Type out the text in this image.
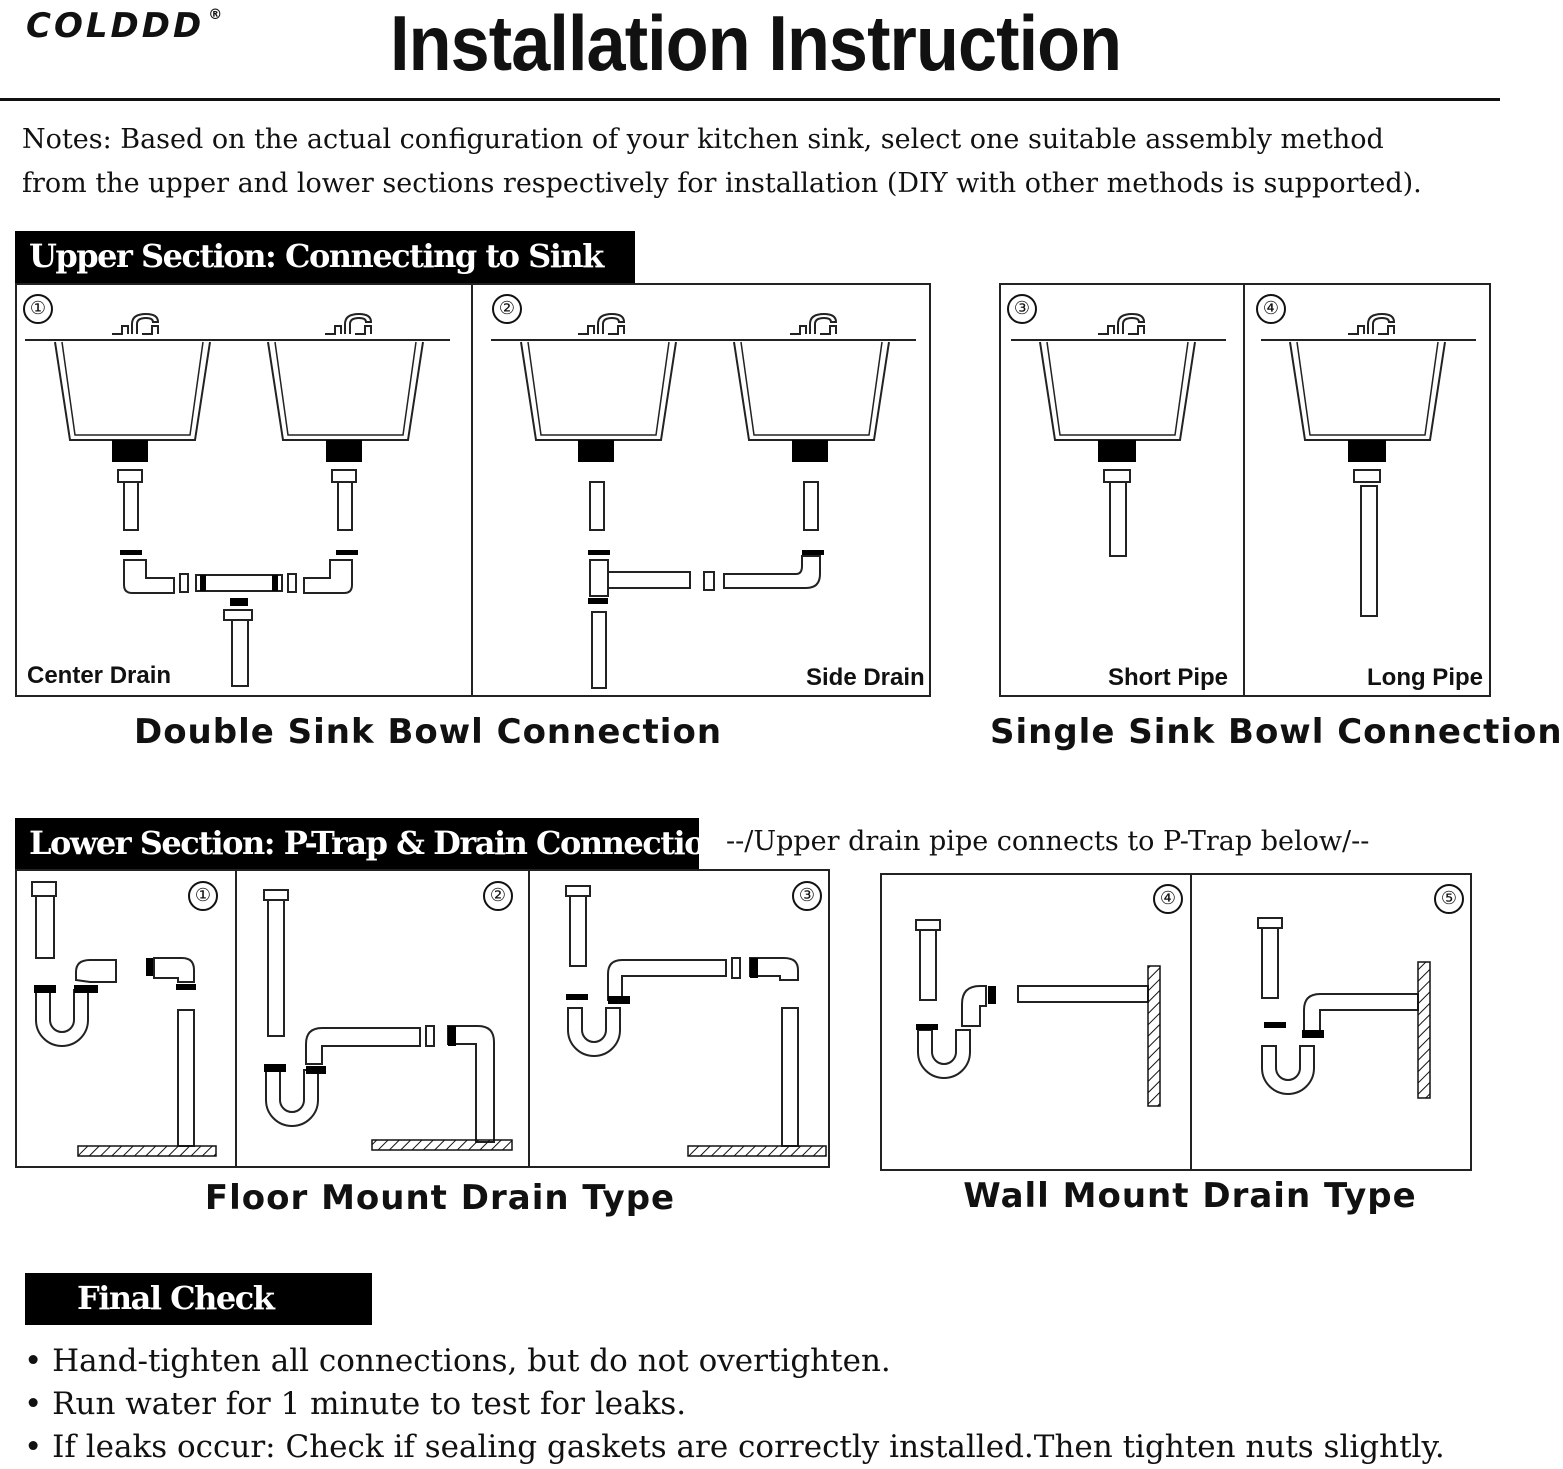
COLDDD ® Installation Instruction
Notes: Based on the actual configuration of your kitchen sink, select one suitable assembly method
from the upper and lower sections respectively for installation (DIY with other methods is supported).
Upper Section: Connecting to Sink
Lower Section: P-Trap & Drain Connection --/Upper drain pipe connects to P-Trap below/--
①	②	③	④
Center Drain	Side Drain	Short Pipe	Long Pipe
Double Sink Bowl Connection	Single Sink Bowl Connection
①	②	③	④	⑤
Floor Mount Drain Type	Wall Mount Drain Type
Final Check
• Hand-tighten all connections, but do not overtighten.
• Run water for 1 minute to test for leaks.
• If leaks occur: Check if sealing gaskets are correctly installed.Then tighten nuts slightly.
